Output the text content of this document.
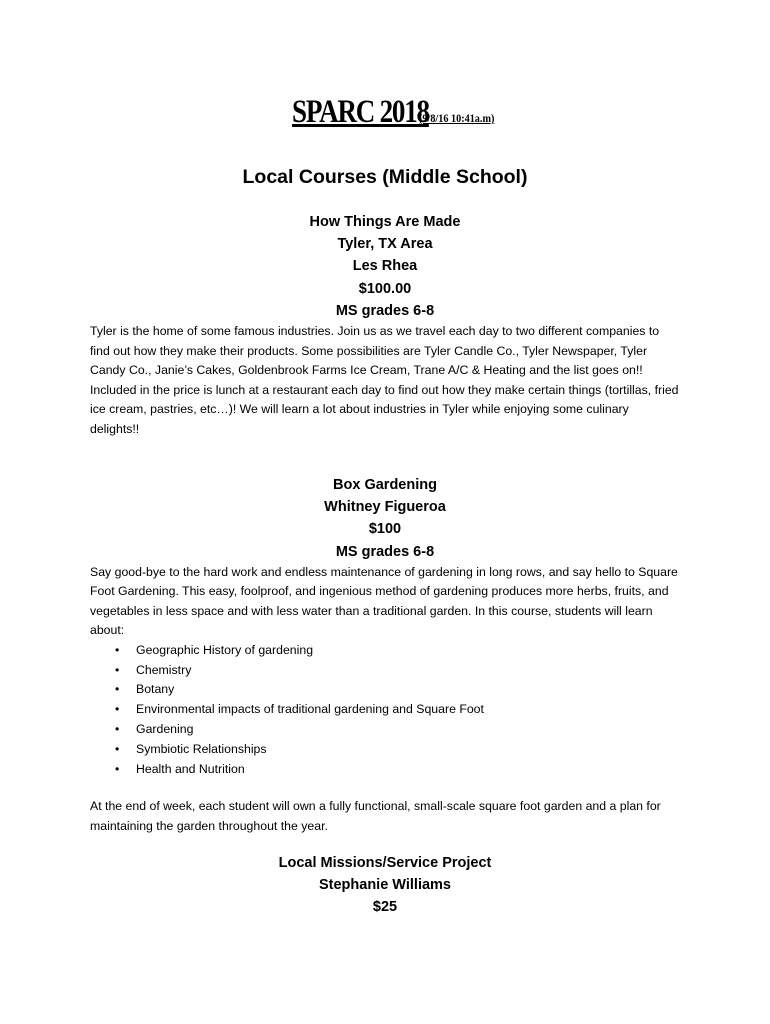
SPARC 2018 (9/8/16 10:41a.m)
Local Courses (Middle School)
How Things Are Made
Tyler, TX Area
Les Rhea
$100.00
MS grades 6-8

Tyler is the home of some famous industries. Join us as we travel each day to two different companies to find out how they make their products. Some possibilities are Tyler Candle Co., Tyler Newspaper, Tyler Candy Co., Janie’s Cakes, Goldenbrook Farms Ice Cream, Trane A/C & Heating and the list goes on!! Included in the price is lunch at a restaurant each day to find out how they make certain things (tortillas, fried ice cream, pastries, etc…)! We will learn a lot about industries in Tyler while enjoying some culinary delights!!

Box Gardening
Whitney Figueroa
$100
MS grades 6-8

Say good-bye to the hard work and endless maintenance of gardening in long rows, and say hello to Square Foot Gardening. This easy, foolproof, and ingenious method of gardening produces more herbs, fruits, and vegetables in less space and with less water than a traditional garden. In this course, students will learn about:

• Geographic History of gardening
• Chemistry
• Botany
• Environmental impacts of traditional gardening and Square Foot
• Gardening
• Symbiotic Relationships
• Health and Nutrition

At the end of week, each student will own a fully functional, small-scale square foot garden and a plan for maintaining the garden throughout the year.

Local Missions/Service Project
Stephanie Williams
$25
